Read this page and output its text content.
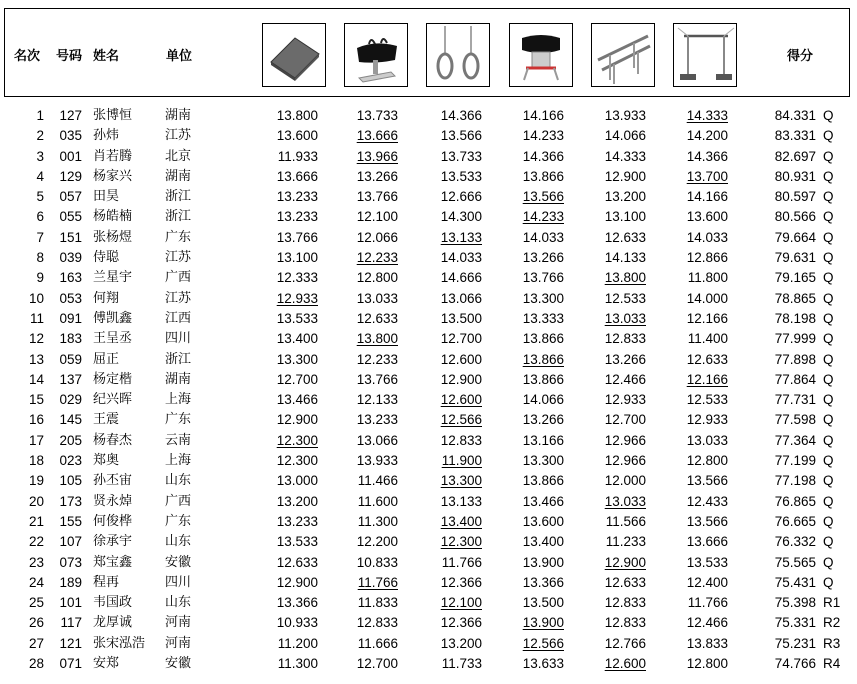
名次 号码 姓名	单位	得分
1 127 张博恒	湖南	13.800	13.733	14.366	14.166	13.933	14.333	84.331 Q
2 035 孙炜	江苏	13.600	13.666	13.566	14.233	14.066	14.200	83.331 Q
3 001 肖若腾	北京	11.933	13.966	13.733	14.366	14.333	14.366	82.697 Q
4 129 杨家兴	湖南	13.666	13.266	13.533	13.866	12.900	13.700	80.931 Q
5 057 田昊	浙江	13.233	13.766	12.666	13.566	13.200	14.166	80.597 Q
6 055 杨皓楠	浙江	13.233	12.100	14.300	14.233	13.100	13.600	80.566 Q
7 151 张杨煜	广东	13.766	12.066	13.133	14.033	12.633	14.033	79.664 Q
8 039 侍聪	江苏	13.100	12.233	14.033	13.266	14.133	12.866	79.631 Q
9 163 兰星宇	广西	12.333	12.800	14.666	13.766	13.800	11.800	79.165 Q
10 053 何翔	江苏	12.933	13.033	13.066	13.300	12.533	14.000	78.865 Q
11 091 傅凯鑫	江西	13.533	12.633	13.500	13.333	13.033	12.166	78.198 Q
12 183 王呈丞	四川	13.400	13.800	12.700	13.866	12.833	11.400	77.999 Q
13 059 屈正	浙江	13.300	12.233	12.600	13.866	13.266	12.633	77.898 Q
14 137 杨定楷	湖南	12.700	13.766	12.900	13.866	12.466	12.166	77.864 Q
15 029 纪兴晖	上海	13.466	12.133	12.600	14.066	12.933	12.533	77.731 Q
16 145 王震	广东	12.900	13.233	12.566	13.266	12.700	12.933	77.598 Q
17 205 杨春杰	云南	12.300	13.066	12.833	13.166	12.966	13.033	77.364 Q
18 023 郑奥	上海	12.300	13.933	11.900	13.300	12.966	12.800	77.199 Q
19 105 孙丕宙	山东	13.000	11.466	13.300	13.866	12.000	13.566	77.198 Q
20 173 贤永焯	广西	13.200	11.600	13.133	13.466	13.033	12.433	76.865 Q
21 155 何俊桦	广东	13.233	11.300	13.400	13.600	11.566	13.566	76.665 Q
22 107 徐承宇	山东	13.533	12.200	12.300	13.400	11.233	13.666	76.332 Q
23 073 郑宝鑫	安徽	12.633	10.833	11.766	13.900	12.900	13.533	75.565 Q
24 189 程再	四川	12.900	11.766	12.366	13.366	12.633	12.400	75.431 Q
25 101 韦国政	山东	13.366	11.833	12.100	13.500	12.833	11.766	75.398 R1
26 117 龙厚诚	河南	10.933	12.833	12.366	13.900	12.833	12.466	75.331 R2
27 121 张宋泓浩 河南	11.200	11.666	13.200	12.566	12.766	13.833	75.231 R3
28 071 安郑	安徽	11.300	12.700	11.733	13.633	12.600	12.800	74.766 R4
